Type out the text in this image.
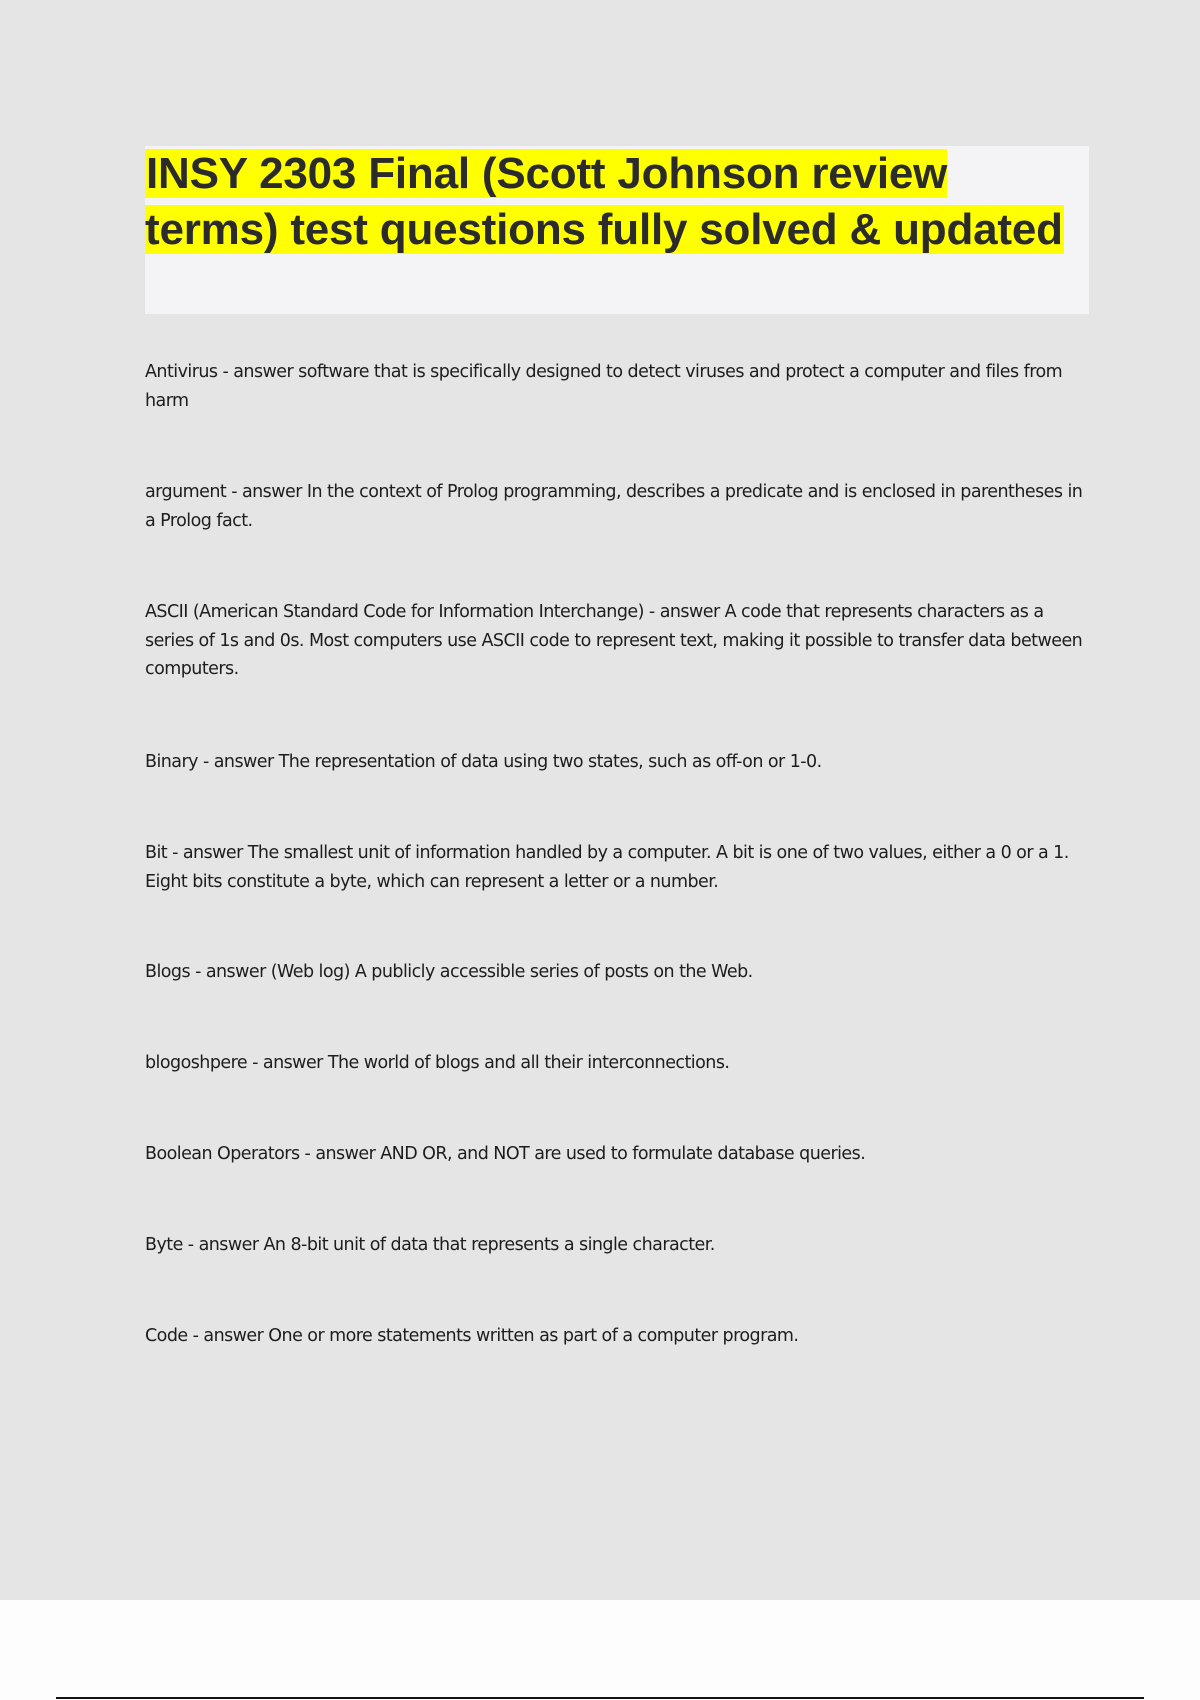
INSY 2303 Final (Scott Johnson review terms) test questions fully solved & updated

Antivirus - answer software that is specifically designed to detect viruses and protect a computer and files from harm

argument - answer In the context of Prolog programming, describes a predicate and is enclosed in parentheses in a Prolog fact.

ASCII (American Standard Code for Information Interchange) - answer A code that represents characters as a series of 1s and 0s. Most computers use ASCII code to represent text, making it possible to transfer data between computers.

Binary - answer The representation of data using two states, such as off-on or 1-0.

Bit - answer The smallest unit of information handled by a computer. A bit is one of two values, either a 0 or a 1. Eight bits constitute a byte, which can represent a letter or a number.

Blogs - answer (Web log) A publicly accessible series of posts on the Web.

blogoshpere - answer The world of blogs and all their interconnections.

Boolean Operators - answer AND OR, and NOT are used to formulate database queries.

Byte - answer An 8-bit unit of data that represents a single character.

Code - answer One or more statements written as part of a computer program.
